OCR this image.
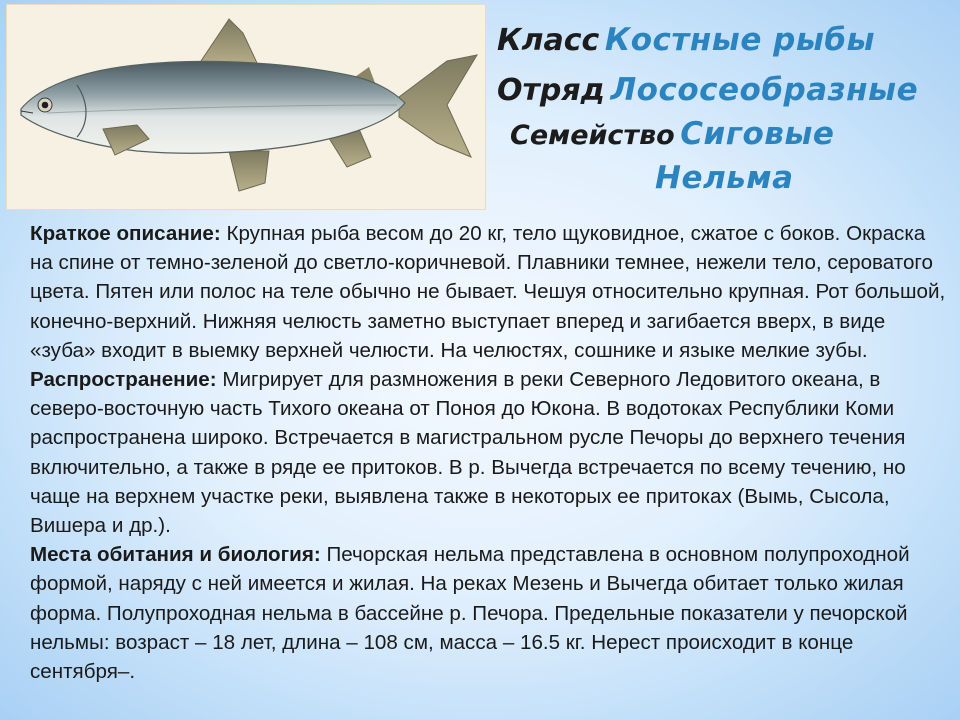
Класс Костные рыбы
Отряд Лососеобразные
Семейство Сиговые
Нельма

Краткое описание: Крупная рыба весом до 20 кг, тело щуковидное, сжатое с боков. Окраска на спине от темно-зеленой до светло-коричневой. Плавники темнее, нежели тело, сероватого цвета. Пятен или полос на теле обычно не бывает. Чешуя относительно крупная. Рот большой, конечно-верхний. Нижняя челюсть заметно выступает вперед и загибается вверх, в виде «зуба» входит в выемку верхней челюсти. На челюстях, сошнике и языке мелкие зубы.

Распространение: Мигрирует для размножения в реки Северного Ледовитого океана, в северо-восточную часть Тихого океана от Поноя до Юкона. В водотоках Республики Коми распространена широко. Встречается в магистральном русле Печоры до верхнего течения включительно, а также в ряде ее притоков. В р. Вычегда встречается по всему течению, но чаще на верхнем участке реки, выявлена также в некоторых ее притоках (Вымь, Сысола, Вишера и др.).

Места обитания и биология: Печорская нельма представлена в основном полупроходной формой, наряду с ней имеется и жилая. На реках Мезень и Вычегда обитает только жилая форма. Полупроходная нельма в бассейне р. Печора. Предельные показатели у печорской нельмы: возраст – 18 лет, длина – 108 см, масса – 16.5 кг. Нерест происходит в конце сентября–.
